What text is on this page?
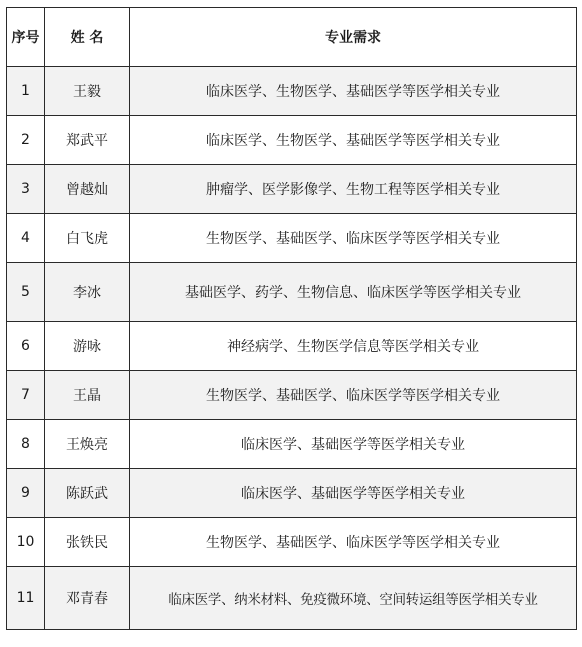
序号	姓 名	专业需求
1	王毅	临床医学、生物医学、基础医学等医学相关专业
2	郑武平	临床医学、生物医学、基础医学等医学相关专业
3	曾越灿	肿瘤学、医学影像学、生物工程等医学相关专业
4	白飞虎	生物医学、基础医学、临床医学等医学相关专业
5	李冰	基础医学、药学、生物信息、临床医学等医学相关专业
6	游咏	神经病学、生物医学信息等医学相关专业
7	王晶	生物医学、基础医学、临床医学等医学相关专业
8	王焕亮	临床医学、基础医学等医学相关专业
9	陈跃武	临床医学、基础医学等医学相关专业
10	张铁民	生物医学、基础医学、临床医学等医学相关专业
11	邓青春	临床医学、纳米材料、免疫微环境、空间转运组等医学相关专业
